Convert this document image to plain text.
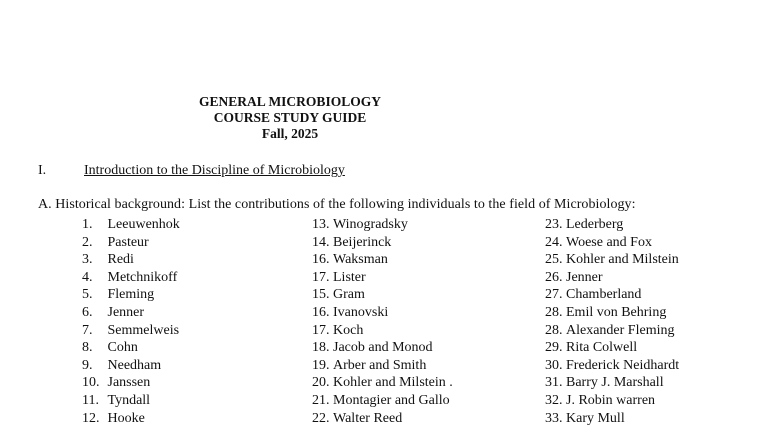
GENERAL MICROBIOLOGY
COURSE STUDY GUIDE
Fall, 2025
I.	Introduction to the Discipline of Microbiology
A. Historical background: List the contributions of the following individuals to the field of Microbiology:
1. Leeuwenhok
2. Pasteur
3. Redi
4. Metchnikoff
5. Fleming
6. Jenner
7. Semmelweis
8. Cohn
9. Needham
10. Janssen
11. Tyndall
12. Hooke
13. Winogradsky
14. Beijerinck
16. Waksman
17. Lister
15. Gram
16. Ivanovski
17. Koch
18. Jacob and Monod
19. Arber and Smith
20. Kohler and Milstein .
21. Montagier and Gallo
22. Walter Reed
23. Lederberg
24. Woese and Fox
25. Kohler and Milstein
26. Jenner
27. Chamberland
28. Emil von Behring
28. Alexander Fleming
29. Rita Colwell
30. Frederick Neidhardt
31. Barry J. Marshall
32. J. Robin warren
33. Kary Mull
